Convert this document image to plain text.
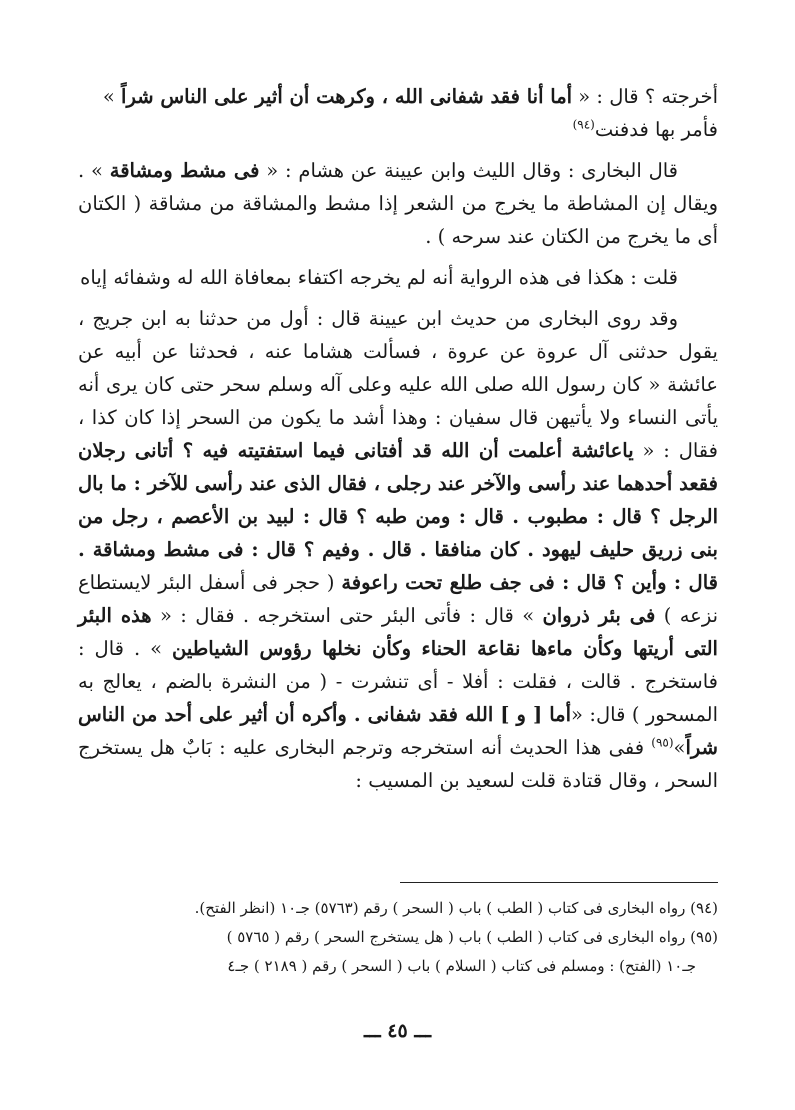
أخرجته ؟ قال : « أما أنا فقد شفانى الله ، وكرهت أن أثير على الناس شراً »
فأمر بها فدفنت$^{(٩٤)}$

قال البخارى : وقال الليث وابن عيينة عن هشام : « فى مشط ومشاقة » . ويقال إن المشاطة ما يخرج من الشعر إذا مشط والمشاقة من مشاقة ( الكتان أى ما يخرج من الكتان عند سرحه ) .

قلت : هكذا فى هذه الرواية أنه لم يخرجه اكتفاء بمعافاة الله له وشفائه إياه

وقد روى البخارى من حديث ابن عيينة قال : أول من حدثنا به ابن جريج ، يقول حدثنى آل عروة عن عروة ، فسألت هشاما عنه ، فحدثنا عن أبيه عن عائشة « كان رسول الله صلى الله عليه وعلى آله وسلم سحر حتى كان يرى أنه يأتى النساء ولا يأتيهن قال سفيان : وهذا أشد ما يكون من السحر إذا كان كذا ، فقال : « ياعائشة أعلمت أن الله قد أفتانى فيما استفتيته فيه ؟ أتانى رجلان فقعد أحدهما عند رأسى والآخر عند رجلى ، فقال الذى عند رأسى للآخر : ما بال الرجل ؟ قال : مطبوب . قال : ومن طبه ؟ قال : لبيد بن الأعصم ، رجل من بنى زريق حليف ليهود . كان منافقا . قال . وفيم ؟ قال : فى مشط ومشاقة . قال : وأين ؟ قال : فى جف طلع تحت راعوفة ( حجر فى أسفل البئر لايستطاع نزعه ) فى بئر ذروان » قال : فأتى البئر حتى استخرجه . فقال : « هذه البئر التى أريتها وكأن ماءها نقاعة الحناء وكأن نخلها رؤوس الشياطين » . قال : فاستخرج . قالت ، فقلت : أفلا - أى تنشرت - ( من النشرة بالضم ، يعالج به المسحور ) قال: «أما [ و ] الله فقد شفانى . وأكره أن أثير على أحد من الناس شراً»$^{(٩٥)}$ ففى هذا الحديث أنه استخرجه وترجم البخارى عليه : بَابٌ هل يستخرج السحر ، وقال قتادة قلت لسعيد بن المسيب :

(٩٤) رواه البخارى فى كتاب ( الطب ) باب ( السحر ) رقم (٥٧٦٣) جـ١٠ (انظر الفتح).

(٩٥) رواه البخارى فى كتاب ( الطب ) باب ( هل يستخرج السحر ) رقم ( ٥٧٦٥ )

جـ١٠ (الفتح) : ومسلم فى كتاب ( السلام ) باب ( السحر ) رقم ( ٢١٨٩ ) جـ٤

ـــ ٤٥ ـــ
